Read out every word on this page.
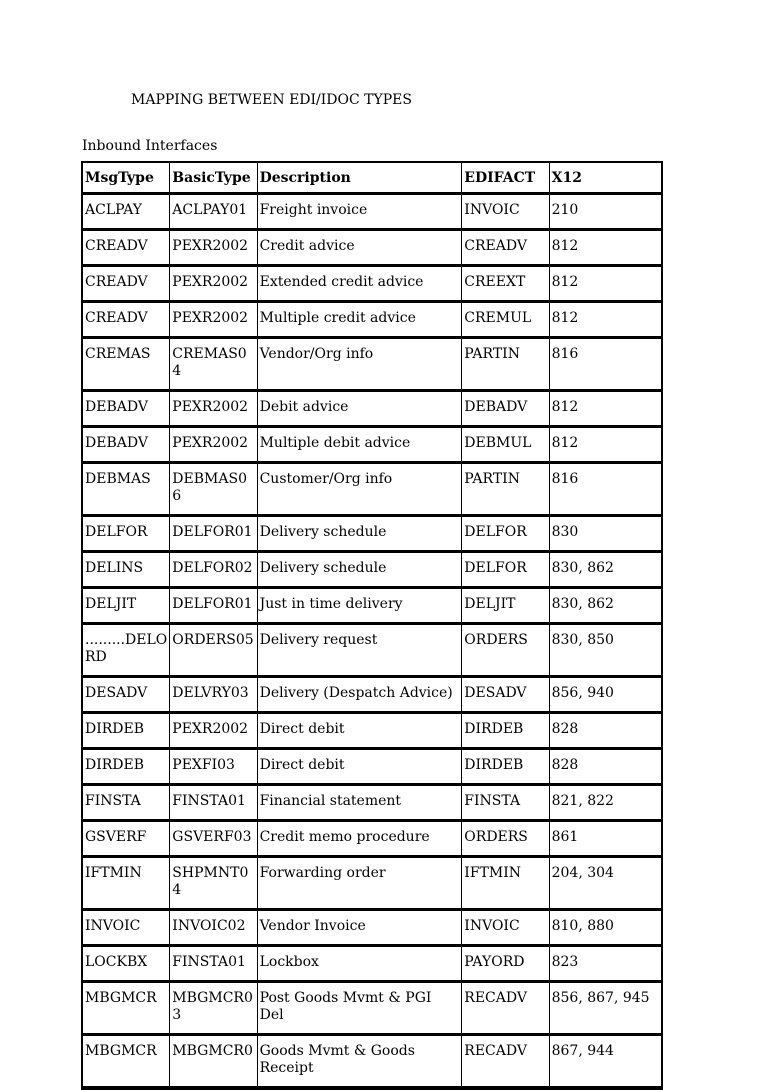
MAPPING BETWEEN EDI/IDOC TYPES
Inbound Interfaces
MsgType	BasicType	Description	EDIFACT	X12
ACLPAY	ACLPAY01	Freight invoice	INVOIC	210
CREADV	PEXR2002	Credit advice	CREADV	812
CREADV	PEXR2002	Extended credit advice	CREEXT	812
CREADV	PEXR2002	Multiple credit advice	CREMUL	812
CREMAS	CREMAS04	Vendor/Org info	PARTIN	816
DEBADV	PEXR2002	Debit advice	DEBADV	812
DEBADV	PEXR2002	Multiple debit advice	DEBMUL	812
DEBMAS	DEBMAS06	Customer/Org info	PARTIN	816
DELFOR	DELFOR01	Delivery schedule	DELFOR	830
DELINS	DELFOR02	Delivery schedule	DELFOR	830, 862
DELJIT	DELFOR01	Just in time delivery	DELJIT	830, 862
.........DELORD	ORDERS05	Delivery request	ORDERS	830, 850
DESADV	DELVRY03	Delivery (Despatch Advice)	DESADV	856, 940
DIRDEB	PEXR2002	Direct debit	DIRDEB	828
DIRDEB	PEXFI03	Direct debit	DIRDEB	828
FINSTA	FINSTA01	Financial statement	FINSTA	821, 822
GSVERF	GSVERF03	Credit memo procedure	ORDERS	861
IFTMIN	SHPMNT04	Forwarding order	IFTMIN	204, 304
INVOIC	INVOIC02	Vendor Invoice	INVOIC	810, 880
LOCKBX	FINSTA01	Lockbox	PAYORD	823
MBGMCR	MBGMCR03	Post Goods Mvmt & PGI Del	RECADV	856, 867, 945
MBGMCR	MBGMCR0	Goods Mvmt & Goods Receipt	RECADV	867, 944
